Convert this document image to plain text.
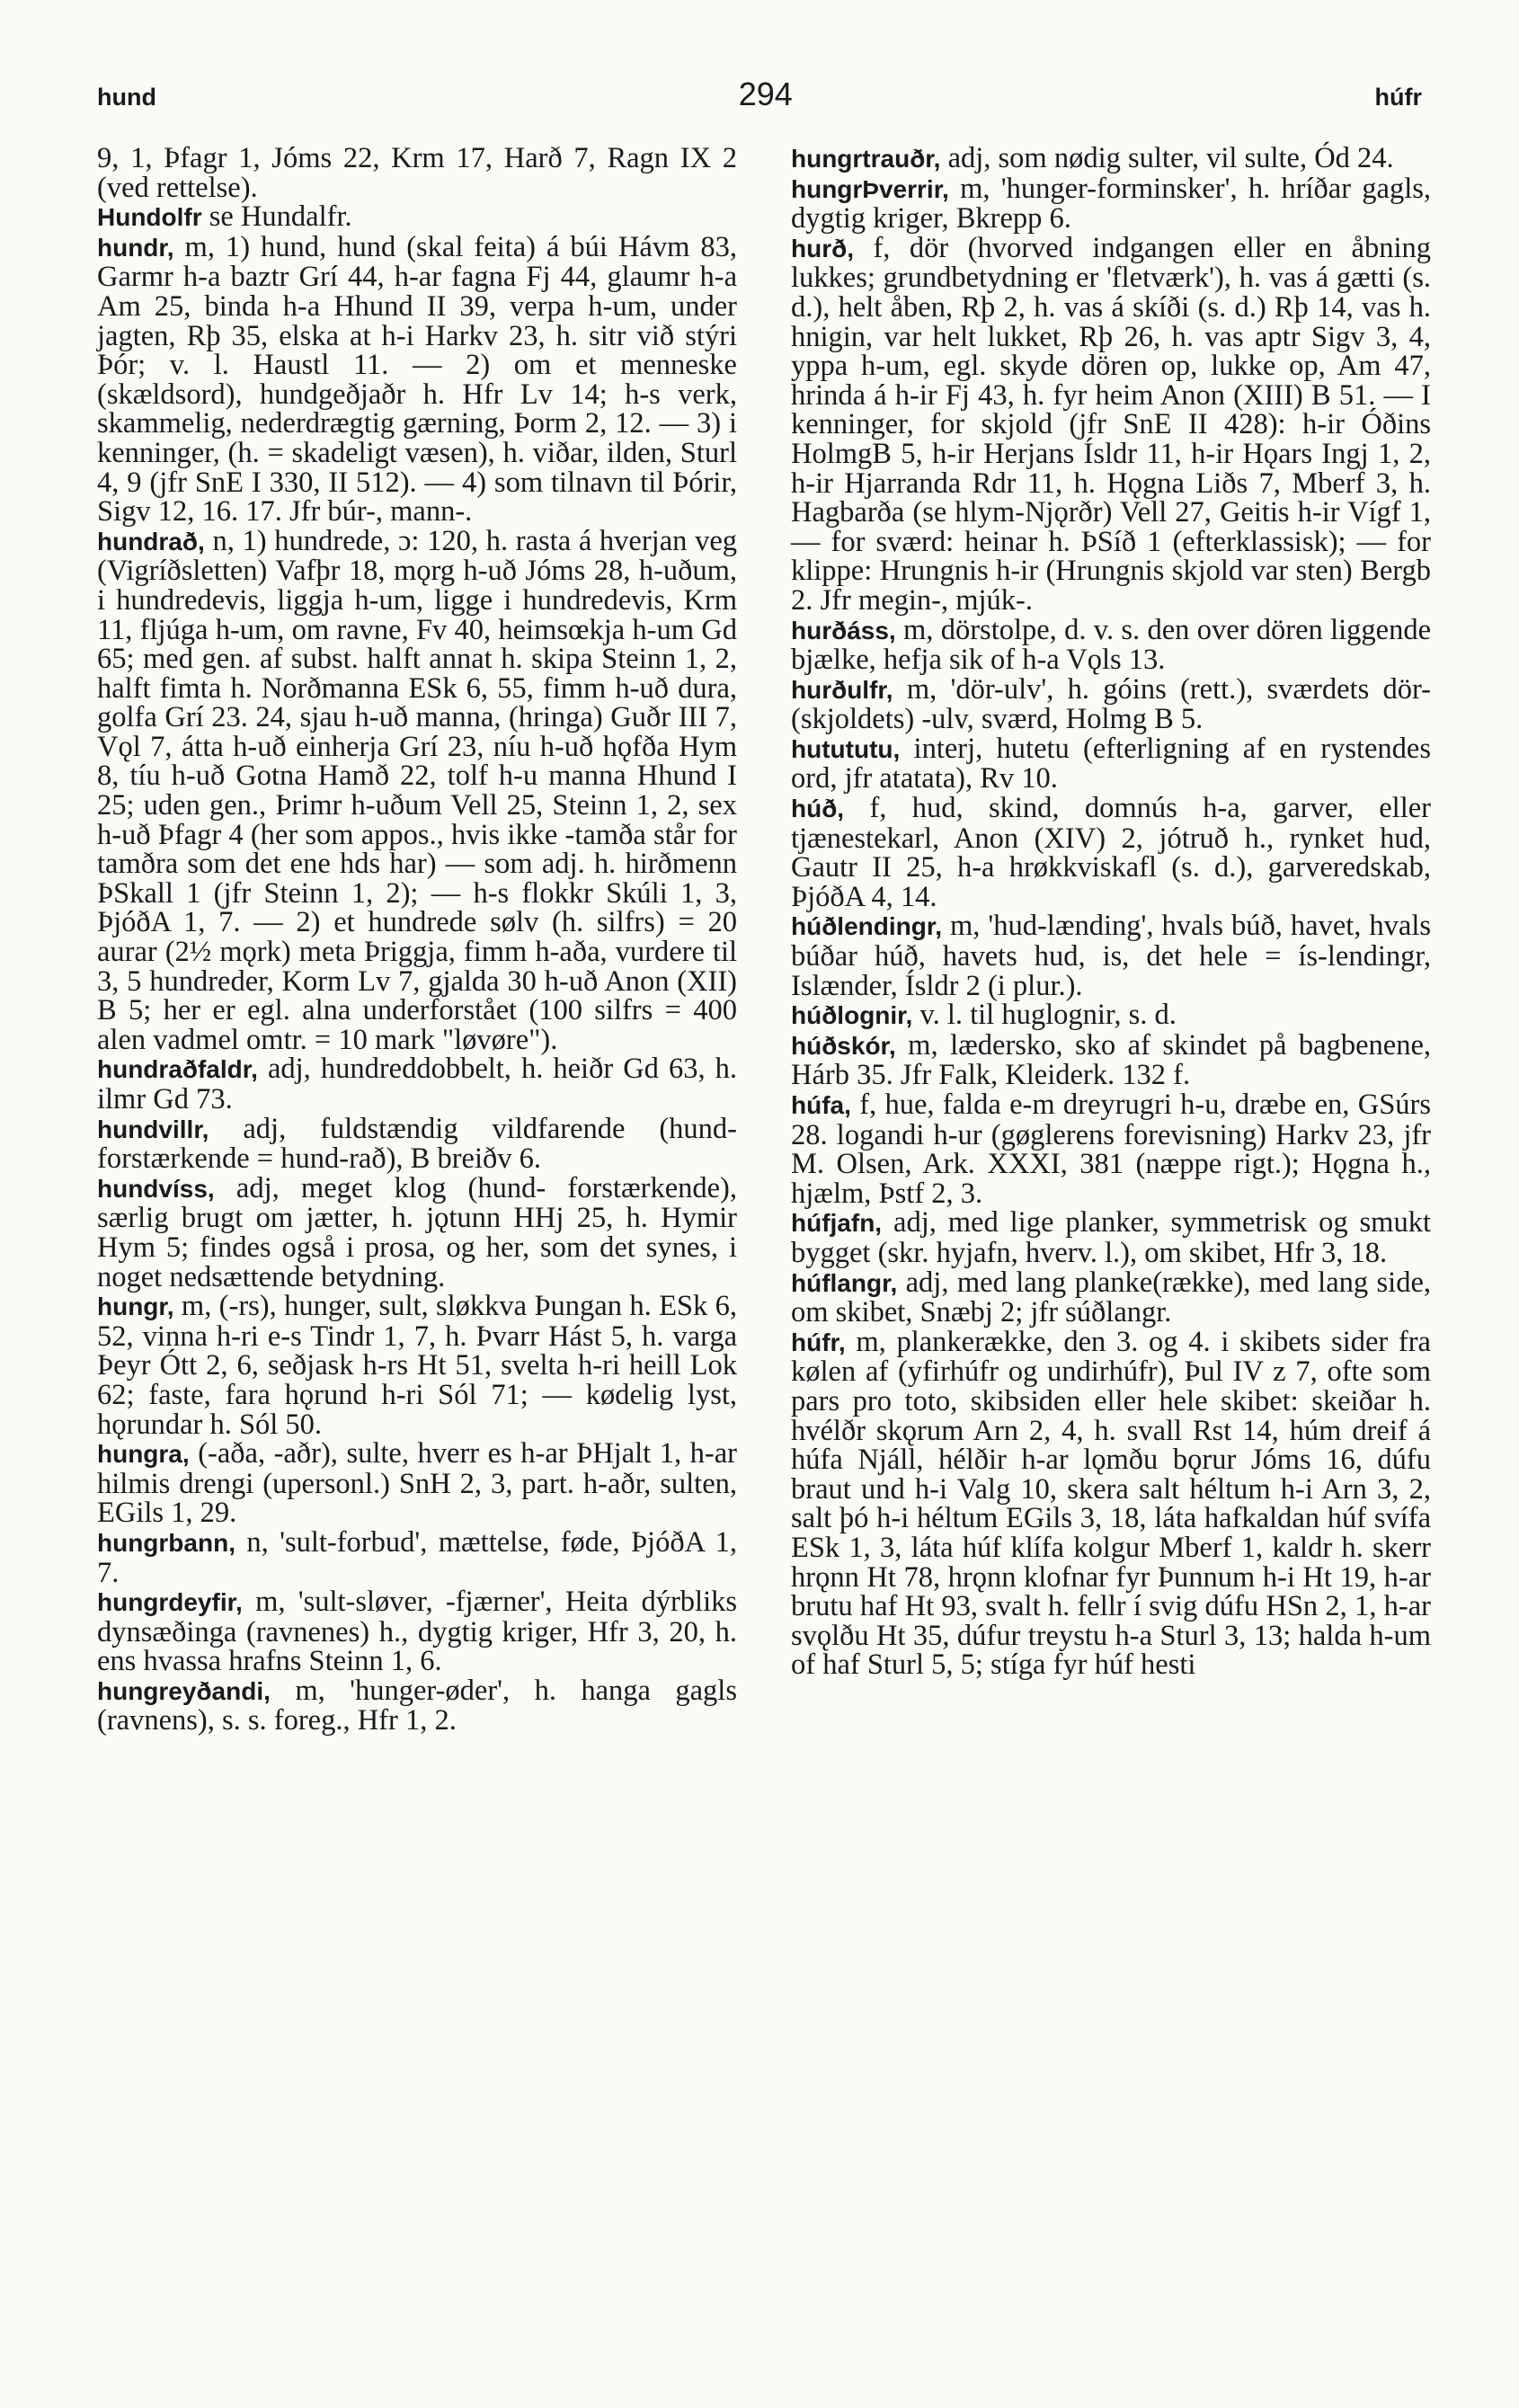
hund	294	húfr

9, 1, Þfagr 1, Jóms 22, Krm 17, Harð 7, Ragn IX 2 (ved rettelse).

Hundolfr se Hundalfr.

hundr, m, 1) hund, hund (skal feita) á búi Hávm 83, Garmr h-a baztr Grí 44, h-ar fagna Fj 44, glaumr h-a Am 25, binda h-a Hhund II 39, verpa h-um, under jagten, Rþ 35, elska at h-i Harkv 23, h. sitr við stýri Þór; v. l. Haustl 11. — 2) om et menneske (skældsord), hundgeðjaðr h. Hfr Lv 14; h-s verk, skammelig, nederdrægtig gærning, Þorm 2, 12. — 3) i kenninger, (h. = skadeligt væsen), h. viðar, ilden, Sturl 4, 9 (jfr SnE I 330, II 512). — 4) som tilnavn til Þórir, Sigv 12, 16. 17. Jfr búr-, mann-.

hundrað, n, 1) hundrede, ɔ: 120, h. rasta á hverjan veg (Vigríðsletten) Vafþr 18, mǫrg h-uð Jóms 28, h-uðum, i hundredevis, liggja h-um, ligge i hundredevis, Krm 11, fljúga h-um, om ravne, Fv 40, heimsœkja h-um Gd 65; med gen. af subst. halft annat h. skipa Steinn 1, 2, halft fimta h. Norðmanna ESk 6, 55, fimm h-uð dura, golfa Grí 23. 24, sjau h-uð manna, (hringa) Guðr III 7, Vǫl 7, átta h-uð einherja Grí 23, níu h-uð hǫfða Hym 8, tíu h-uð Gotna Hamð 22, tolf h-u manna Hhund I 25; uden gen., Þrimr h-uðum Vell 25, Steinn 1, 2, sex h-uð Þfagr 4 (her som appos., hvis ikke -tamða står for tamðra som det ene hds har) — som adj. h. hirðmenn ÞSkall 1 (jfr Steinn 1, 2); — h-s flokkr Skúli 1, 3, ÞjóðA 1, 7. — 2) et hundrede sølv (h. silfrs) = 20 aurar (2½ mǫrk) meta Þriggja, fimm h-aða, vurdere til 3, 5 hundreder, Korm Lv 7, gjalda 30 h-uð Anon (XII) B 5; her er egl. alna underforstået (100 silfrs = 400 alen vadmel omtr. = 10 mark "løvøre").

hundraðfaldr, adj, hundreddobbelt, h. heiðr Gd 63, h. ilmr Gd 73.

hundvillr, adj, fuldstændig vildfarende (hund- forstærkende = hund-rað), B breiðv 6.

hundvíss, adj, meget klog (hund- forstærkende), særlig brugt om jætter, h. jǫtunn HHj 25, h. Hymir Hym 5; findes også i prosa, og her, som det synes, i noget nedsættende betydning.

hungr, m, (-rs), hunger, sult, sløkkva Þungan h. ESk 6, 52, vinna h-ri e-s Tindr 1, 7, h. Þvarr Hást 5, h. varga Þeyr Ótt 2, 6, seðjask h-rs Ht 51, svelta h-ri heill Lok 62; faste, fara hǫrund h-ri Sól 71; — kødelig lyst, hǫrundar h. Sól 50.

hungra, (-aða, -aðr), sulte, hverr es h-ar ÞHjalt 1, h-ar hilmis drengi (upersonl.) SnH 2, 3, part. h-aðr, sulten, EGils 1, 29.

hungrbann, n, 'sult-forbud', mættelse, føde, ÞjóðA 1, 7.

hungrdeyfir, m, 'sult-sløver, -fjærner', Heita dýrbliks dynsæðinga (ravnenes) h., dygtig kriger, Hfr 3, 20, h. ens hvassa hrafns Steinn 1, 6.

hungreyðandi, m, 'hunger-øder', h. hanga gagls (ravnens), s. s. foreg., Hfr 1, 2.

hungrtrauðr, adj, som nødig sulter, vil sulte, Ód 24.

hungrÞverrir, m, 'hunger-forminsker', h. hríðar gagls, dygtig kriger, Bkrepp 6.

hurð, f, dör (hvorved indgangen eller en åbning lukkes; grundbetydning er 'fletværk'), h. vas á gætti (s. d.), helt åben, Rþ 2, h. vas á skíði (s. d.) Rþ 14, vas h. hnigin, var helt lukket, Rþ 26, h. vas aptr Sigv 3, 4, yppa h-um, egl. skyde dören op, lukke op, Am 47, hrinda á h-ir Fj 43, h. fyr heim Anon (XIII) B 51. — I kenninger, for skjold (jfr SnE II 428): h-ir Óðins HolmgB 5, h-ir Herjans Ísldr 11, h-ir Hǫars Ingj 1, 2, h-ir Hjarranda Rdr 11, h. Hǫgna Liðs 7, Mberf 3, h. Hagbarða (se hlym-Njǫrðr) Vell 27, Geitis h-ir Vígf 1, — for sværd: heinar h. ÞSíð 1 (efterklassisk); — for klippe: Hrungnis h-ir (Hrungnis skjold var sten) Bergb 2. Jfr megin-, mjúk-.

hurðáss, m, dörstolpe, d. v. s. den over dören liggende bjælke, hefja sik of h-a Vǫls 13.

hurðulfr, m, 'dör-ulv', h. góins (rett.), sværdets dör- (skjoldets) -ulv, sværd, Holmg B 5.

hutututu, interj, hutetu (efterligning af en rystendes ord, jfr atatata), Rv 10.

húð, f, hud, skind, domnús h-a, garver, eller tjænestekarl, Anon (XIV) 2, jótruð h., rynket hud, Gautr II 25, h-a hrøkkviskafl (s. d.), garveredskab, ÞjóðA 4, 14.

húðlendingr, m, 'hud-lænding', hvals búð, havet, hvals búðar húð, havets hud, is, det hele = ís-lendingr, Islænder, Ísldr 2 (i plur.).

húðlognir, v. l. til huglognir, s. d.

húðskór, m, lædersko, sko af skindet på bagbenene, Hárb 35. Jfr Falk, Kleiderk. 132 f.

húfa, f, hue, falda e-m dreyrugri h-u, dræbe en, GSúrs 28. logandi h-ur (gøglerens forevisning) Harkv 23, jfr M. Olsen, Ark. XXXI, 381 (næppe rigt.); Hǫgna h., hjælm, Þstf 2, 3.

húfjafn, adj, med lige planker, symmetrisk og smukt bygget (skr. hyjafn, hverv. l.), om skibet, Hfr 3, 18.

húflangr, adj, med lang planke(række), med lang side, om skibet, Snæbj 2; jfr súðlangr.

húfr, m, plankerække, den 3. og 4. i skibets sider fra kølen af (yfirhúfr og undirhúfr), Þul IV z 7, ofte som pars pro toto, skibsiden eller hele skibet: skeiðar h. hvélðr skǫrum Arn 2, 4, h. svall Rst 14, húm dreif á húfa Njáll, hélðir h-ar lǫmðu bǫrur Jóms 16, dúfu braut und h-i Valg 10, skera salt héltum h-i Arn 3, 2, salt þó h-i héltum EGils 3, 18, láta hafkaldan húf svífa ESk 1, 3, láta húf klífa kolgur Mberf 1, kaldr h. skerr hrǫnn Ht 78, hrǫnn klofnar fyr Þunnum h-i Ht 19, h-ar brutu haf Ht 93, svalt h. fellr í svig dúfu HSn 2, 1, h-ar svǫlðu Ht 35, dúfur treystu h-a Sturl 3, 13; halda h-um of haf Sturl 5, 5; stíga fyr húf hesti
